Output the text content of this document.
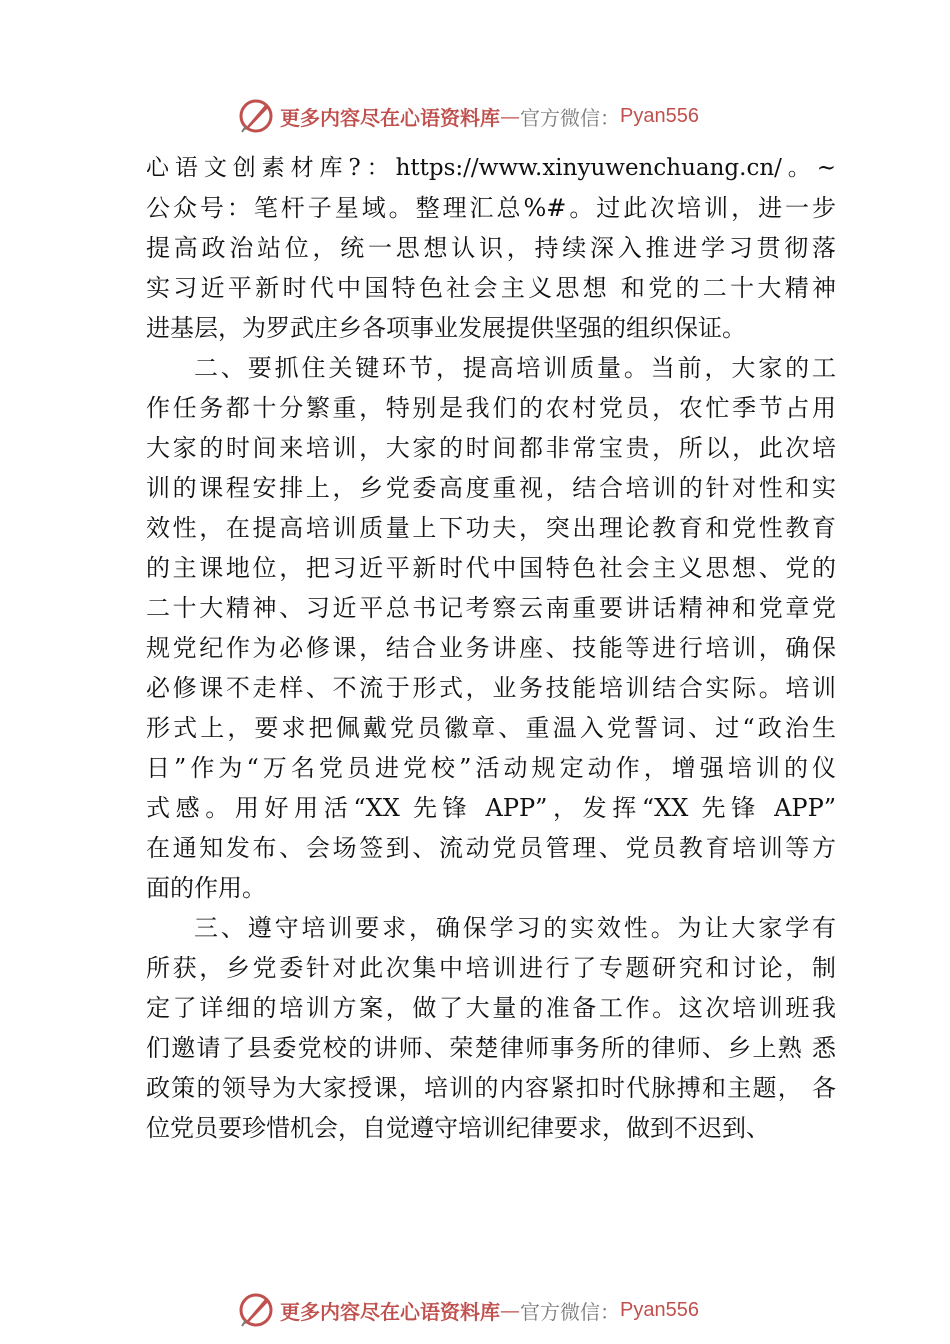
更多内容尽在心语资料库 — 官方微信： Pyan556
心语文创素材库?：https://www.xinyuwenchuang.cn/。~
公众号：笔杆子星域。整理汇总%#。过此次培训，进一步
提高政治站位，统一思想认识，持续深入推进学习贯彻落
实习近平新时代中国特色社会主义思想 和党的二十大精神
进基层，为罗武庄乡各项事业发展提供坚强的组织保证。
二、要抓住关键环节，提高培训质量。当前，大家的工
作任务都十分繁重，特别是我们的农村党员，农忙季节占用
大家的时间来培训，大家的时间都非常宝贵，所以，此次培
训的课程安排上，乡党委高度重视，结合培训的针对性和实
效性，在提高培训质量上下功夫，突出理论教育和党性教育
的主课地位，把习近平新时代中国特色社会主义思想、党的
二十大精神、习近平总书记考察云南重要讲话精神和党章党
规党纪作为必修课，结合业务讲座、技能等进行培训，确保
必修课不走样、不流于形式，业务技能培训结合实际。培训
形式上，要求把佩戴党员徽章、重温入党誓词、过“政治生
日”作为“万名党员进党校”活动规定动作，增强培训的仪
式感。用好用活“XX 先锋 APP”，发挥“XX 先锋 APP”
在通知发布、会场签到、流动党员管理、党员教育培训等方
面的作用。
三、遵守培训要求，确保学习的实效性。为让大家学有
所获，乡党委针对此次集中培训进行了专题研究和讨论，制
定了详细的培训方案，做了大量的准备工作。这次培训班我
们邀请了县委党校的讲师、荣楚律师事务所的律师、乡上熟 悉
政策的领导为大家授课，培训的内容紧扣时代脉搏和主题， 各
位党员要珍惜机会，自觉遵守培训纪律要求，做到不迟到、
更多内容尽在心语资料库 — 官方微信： Pyan556
